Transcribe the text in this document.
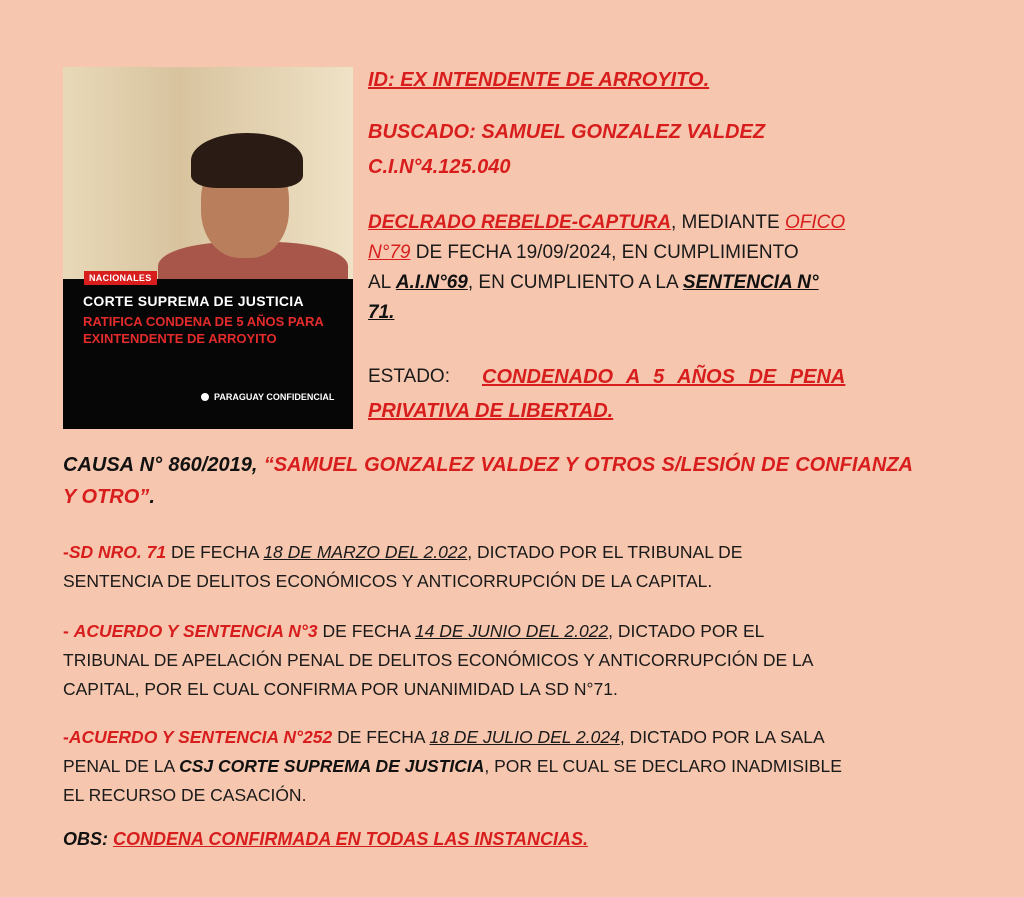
NACIONALES
CORTE SUPREMA DE JUSTICIA
RATIFICA CONDENA DE 5 AÑOS PARA EXINTENDENTE DE ARROYITO
PARAGUAY CONFIDENCIAL
ID: EX INTENDENTE DE ARROYITO.
BUSCADO: SAMUEL GONZALEZ VALDEZ
C.I.N°4.125.040
DECLRADO REBELDE-CAPTURA, MEDIANTE OFICO
N°79 DE FECHA 19/09/2024, EN CUMPLIMIENTO
AL A.I.N°69, EN CUMPLIENTO A LA SENTENCIA N°
71.
ESTADO: CONDENADO A 5 AÑOS DE PENA
PRIVATIVA DE LIBERTAD.
CAUSA N° 860/2019, “SAMUEL GONZALEZ VALDEZ Y OTROS S/LESIÓN DE CONFIANZA Y OTRO”.
-SD NRO. 71 DE FECHA 18 DE MARZO DEL 2.022, DICTADO POR EL TRIBUNAL DE
SENTENCIA DE DELITOS ECONÓMICOS Y ANTICORRUPCIÓN DE LA CAPITAL.
- ACUERDO Y SENTENCIA N°3 DE FECHA 14 DE JUNIO DEL 2.022, DICTADO POR EL
TRIBUNAL DE APELACIÓN PENAL DE DELITOS ECONÓMICOS Y ANTICORRUPCIÓN DE LA
CAPITAL, POR EL CUAL CONFIRMA POR UNANIMIDAD LA SD N°71.
-ACUERDO Y SENTENCIA N°252 DE FECHA 18 DE JULIO DEL 2.024, DICTADO POR LA SALA
PENAL DE LA CSJ CORTE SUPREMA DE JUSTICIA, POR EL CUAL SE DECLARO INADMISIBLE
EL RECURSO DE CASACIÓN.
OBS: CONDENA CONFIRMADA EN TODAS LAS INSTANCIAS.
